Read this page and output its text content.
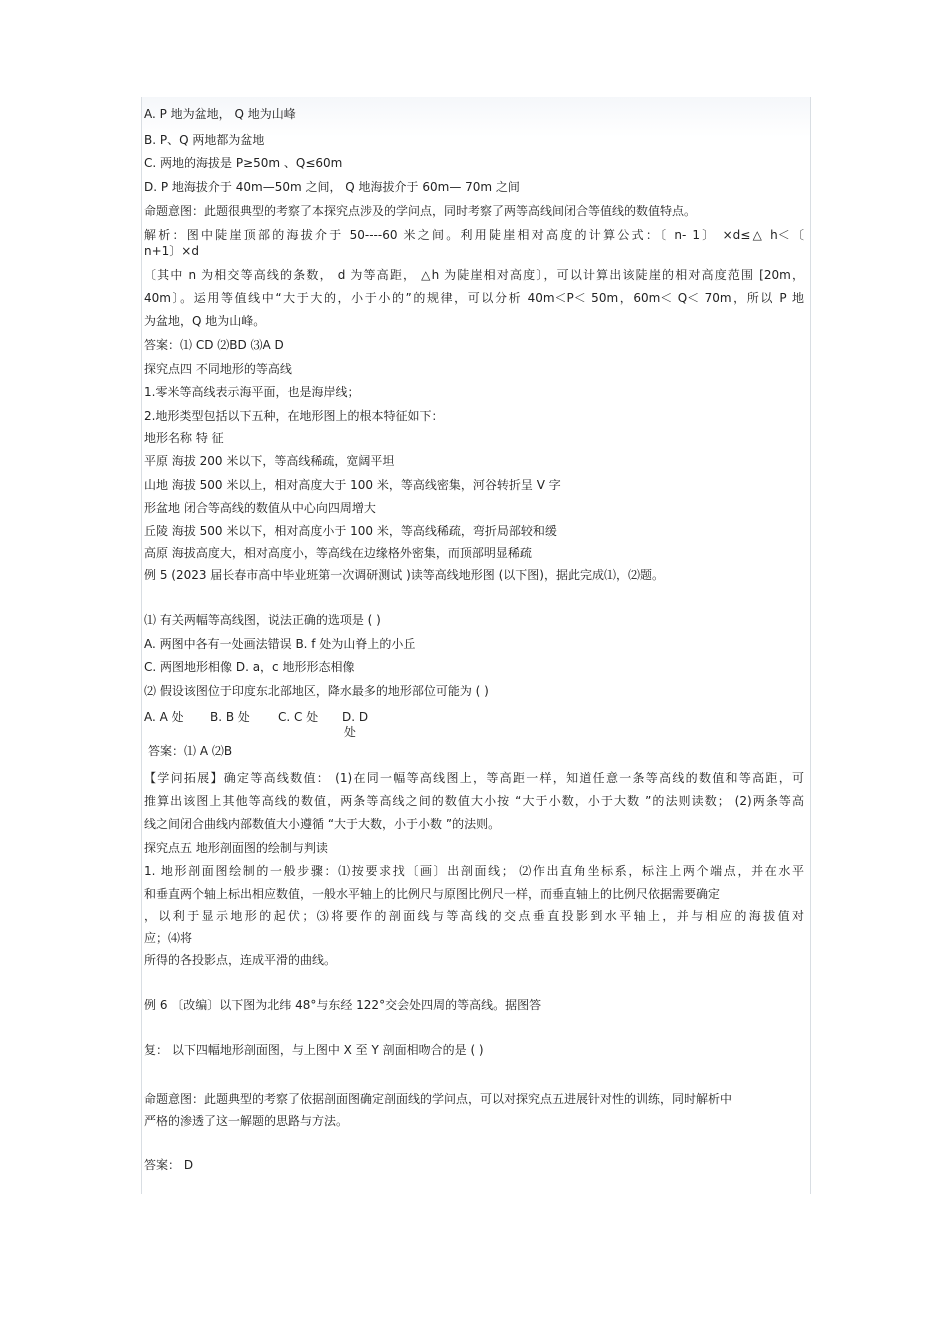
A. P 地为盆地， Q 地为山峰
B. P、Q 两地都为盆地
C. 两地的海拔是 P≥50m 、Q≤60m
D. P 地海拔介于 40m—50m 之间， Q 地海拔介于 60m— 70m 之间
命题意图：此题很典型的考察了本探究点涉及的学问点，同时考察了两等高线间闭合等值线的数值特点。
解析：图中陡崖顶部的海拔介于 50----60 米之间。利用陡崖相对高度的计算公式：〔 n- 1〕 ×d≤△ h＜〔
n+1〕×d
〔其中 n 为相交等高线的条数， d 为等高距， △h 为陡崖相对高度〕，可以计算出该陡崖的相对高度范围 [20m，
40m〕。运用等值线中“大于大的，小于小的”的规律，可以分析 40m＜P＜ 50m，60m＜ Q＜ 70m，所以 P 地
为盆地，Q 地为山峰。
答案：⑴ CD ⑵BD ⑶A D
探究点四 不同地形的等高线
1.零米等高线表示海平面，也是海岸线；
2.地形类型包括以下五种，在地形图上的根本特征如下：
地形名称 特 征
平原 海拔 200 米以下，等高线稀疏，宽阔平坦
山地 海拔 500 米以上，相对高度大于 100 米，等高线密集，河谷转折呈 V 字
形盆地 闭合等高线的数值从中心向四周增大
丘陵 海拔 500 米以下，相对高度小于 100 米，等高线稀疏，弯折局部较和缓
高原 海拔高度大，相对高度小，等高线在边缘格外密集，而顶部明显稀疏
例 5 (2023 届长春市高中毕业班第一次调研测试 )读等高线地形图 (以下图)，据此完成⑴，⑵题。
⑴ 有关两幅等高线图，说法正确的选项是 ( )
A. 两图中各有一处画法错误 B. f 处为山脊上的小丘
C. 两图地形相像 D. a，c 地形形态相像
⑵ 假设该图位于印度东北部地区，降水最多的地形部位可能为 ( )
A. A 处 B. B 处 C. C 处 D. D
处
答案：⑴ A ⑵B
【学问拓展】确定等高线数值： (1)在同一幅等高线图上，等高距一样，知道任意一条等高线的数值和等高距，可
推算出该图上其他等高线的数值，两条等高线之间的数值大小按 “大于小数，小于大数 ”的法则读数； (2)两条等高
线之间闭合曲线内部数值大小遵循 “大于大数，小于小数 ”的法则。
探究点五 地形剖面图的绘制与判读
1. 地形剖面图绘制的一般步骤：⑴按要求找〔画〕出剖面线； ⑵作出直角坐标系，标注上两个端点，并在水平
和垂直两个轴上标出相应数值，一般水平轴上的比例尺与原图比例尺一样，而垂直轴上的比例尺依据需要确定
，以利于显示地形的起伏；⑶将要作的剖面线与等高线的交点垂直投影到水平轴上，并与相应的海拔值对
应；⑷将
所得的各投影点，连成平滑的曲线。
例 6 〔改编〕以下图为北纬 48°与东经 122°交会处四周的等高线。据图答
复： 以下四幅地形剖面图，与上图中 X 至 Y 剖面相吻合的是 ( )
命题意图：此题典型的考察了依据剖面图确定剖面线的学问点，可以对探究点五进展针对性的训练，同时解析中
严格的渗透了这一解题的思路与方法。
答案： D
